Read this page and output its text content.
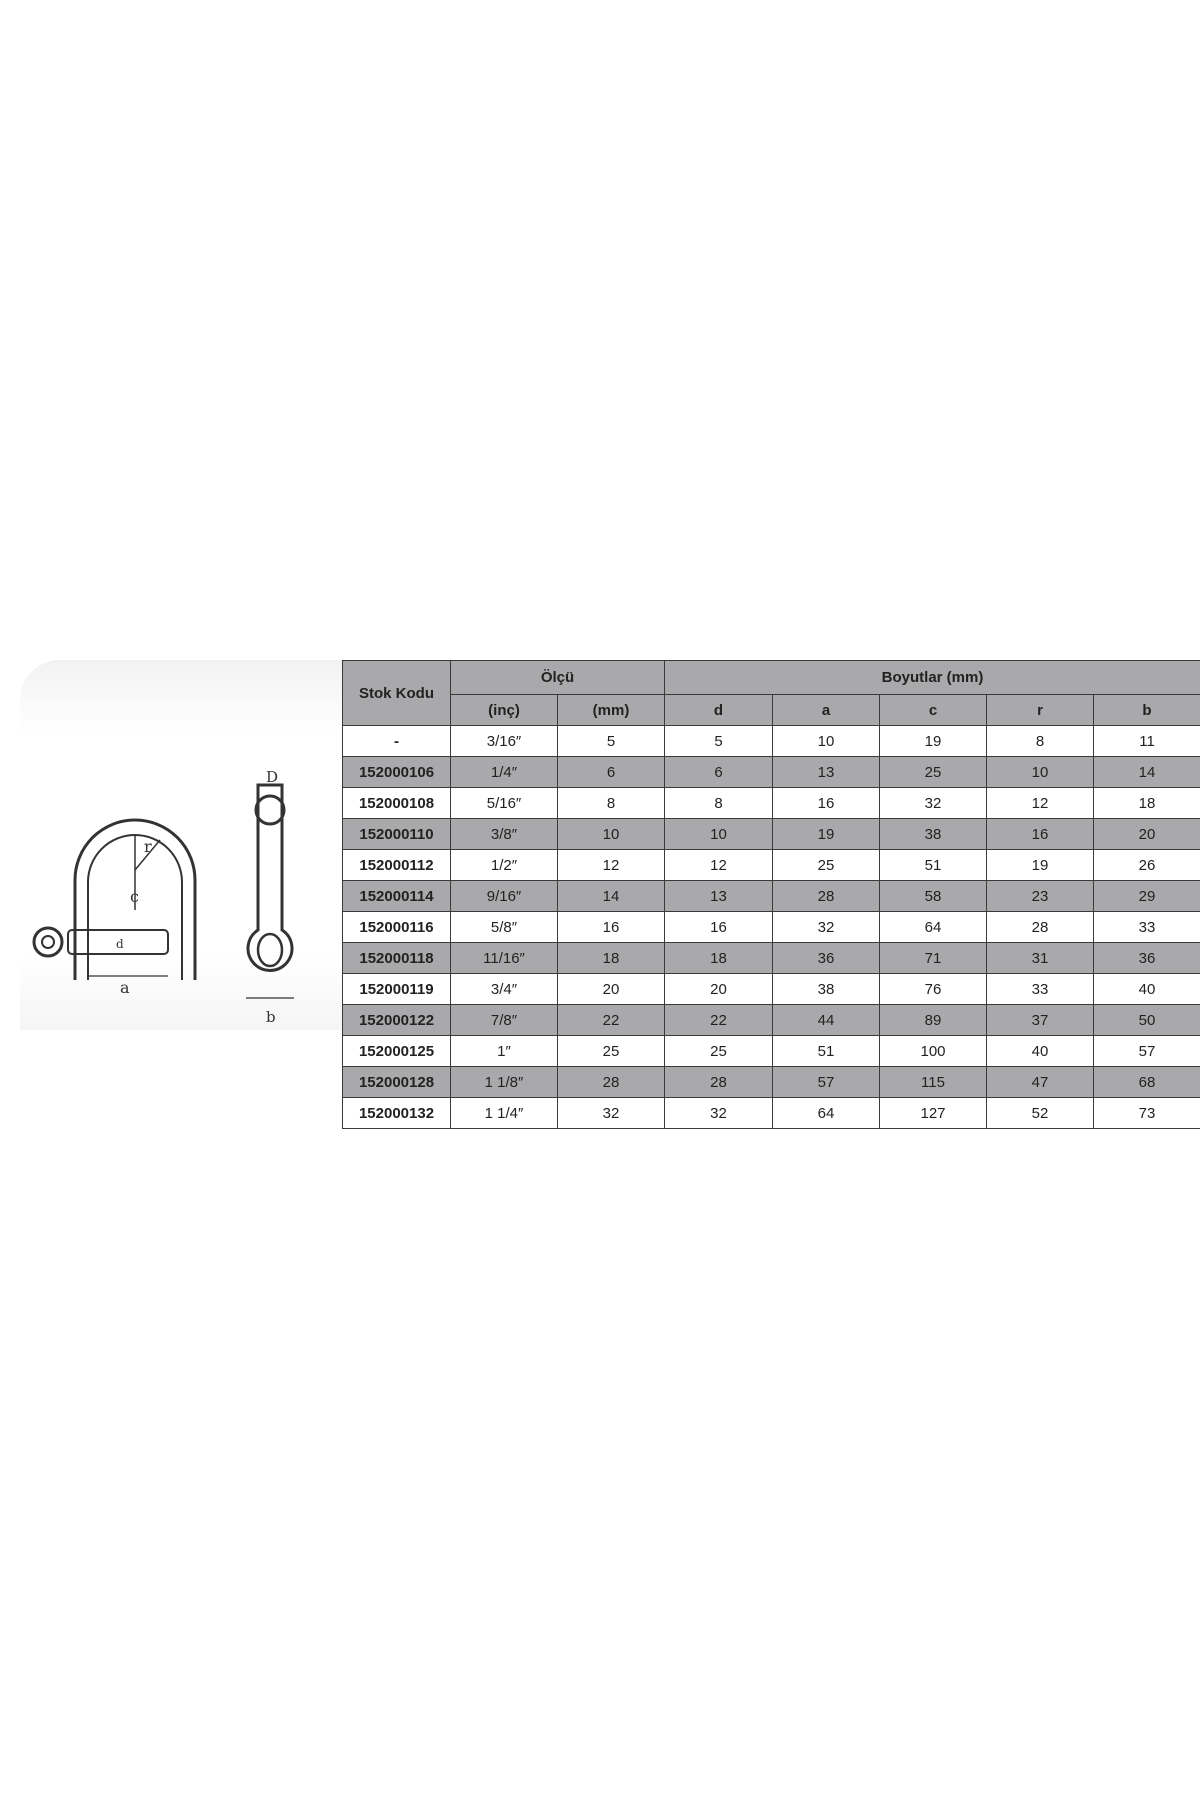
r
c
d
a
D
b
Stok Kodu	Ölçü		Boyutlar (mm)				
	(inç)	(mm)	d	a	c	r	b
-	3/16″	5	5	10	19	8	11
152000106	1/4″	6	6	13	25	10	14
152000108	5/16″	8	8	16	32	12	18
152000110	3/8″	10	10	19	38	16	20
152000112	1/2″	12	12	25	51	19	26
152000114	9/16″	14	13	28	58	23	29
152000116	5/8″	16	16	32	64	28	33
152000118	11/16″	18	18	36	71	31	36
152000119	3/4″	20	20	38	76	33	40
152000122	7/8″	22	22	44	89	37	50
152000125	1″	25	25	51	100	40	57
152000128	1 1/8″	28	28	57	115	47	68
152000132	1 1/4″	32	32	64	127	52	73
